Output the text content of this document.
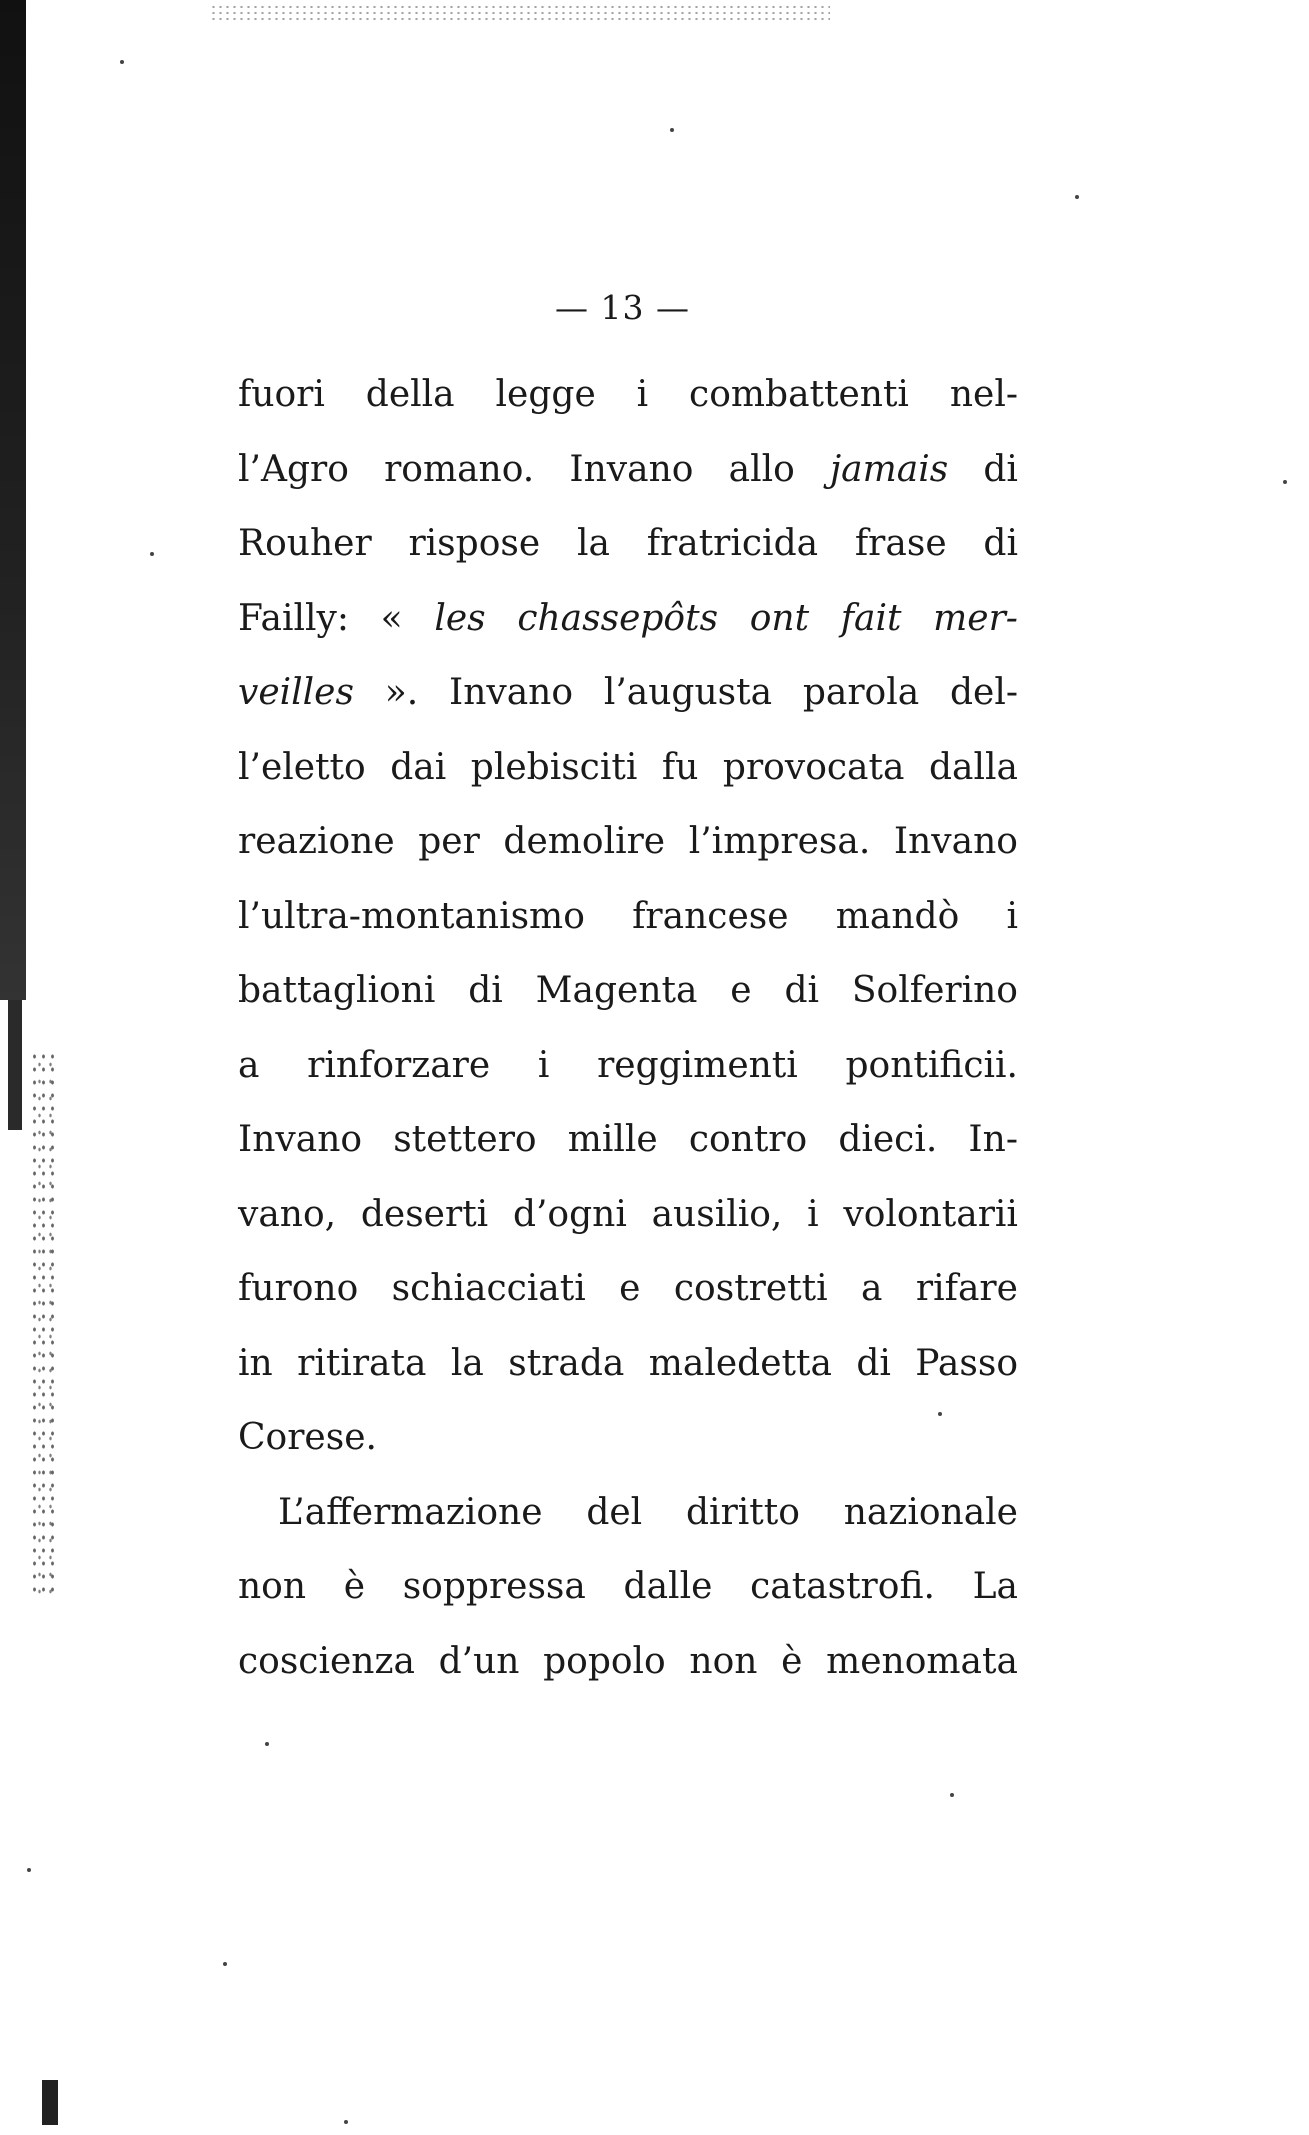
— 13 —
fuori della legge i combattenti nel-
l’Agro romano. Invano allo jamais di
Rouher rispose la fratricida frase di
Failly: « les chassepôts ont fait mer-
veilles ». Invano l’augusta parola del-
l’eletto dai plebisciti fu provocata dalla
reazione per demolire l’impresa. Invano
l’ultra-montanismo francese mandò i
battaglioni di Magenta e di Solferino
a rinforzare i reggimenti pontificii.
Invano stettero mille contro dieci. In-
vano, deserti d’ogni ausilio, i volontarii
furono schiacciati e costretti a rifare
in ritirata la strada maledetta di Passo
Corese.
L’affermazione del diritto nazionale
non è soppressa dalle catastrofi. La
coscienza d’un popolo non è menomata
